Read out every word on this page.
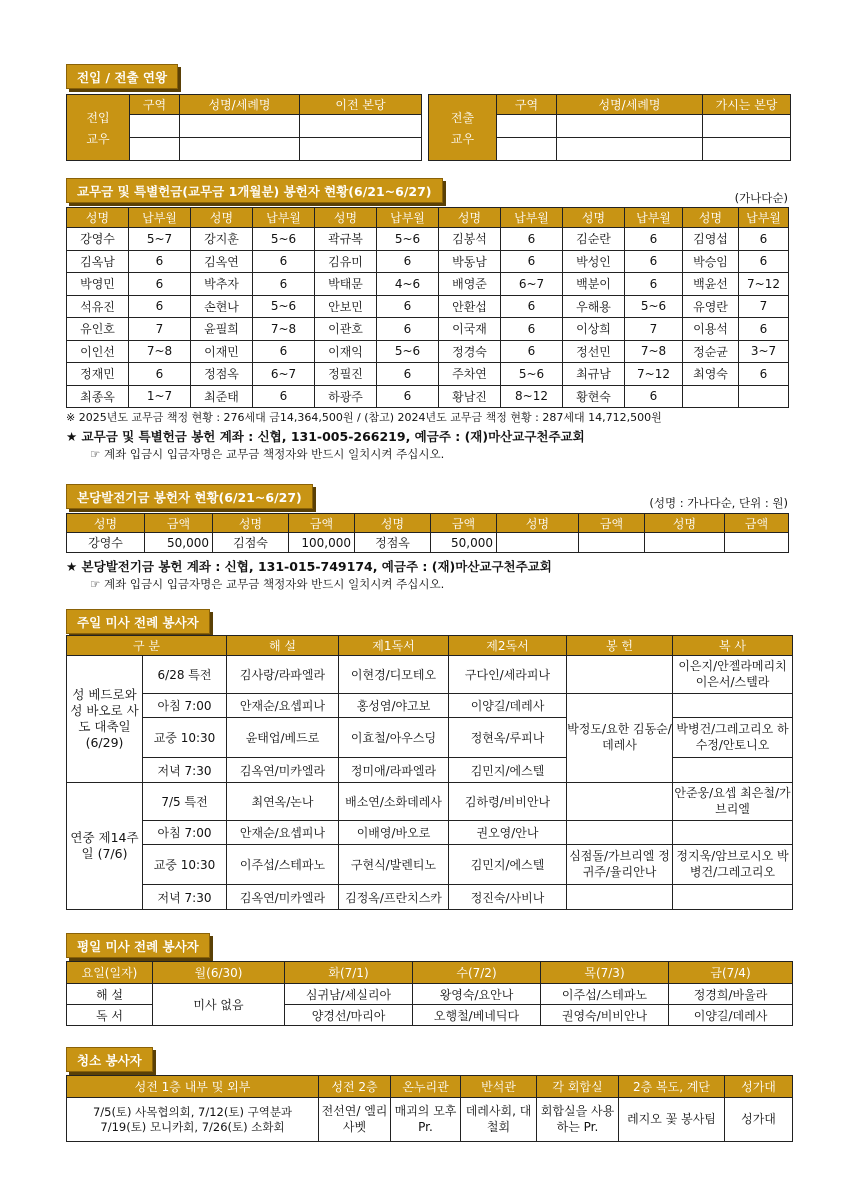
전입 / 전출 연왕
전입
교우	구역	성명/세례명	이전 본당

전출
교우	구역	성명/세례명	가시는 본당

교무금 및 특별헌금(교무금 1개월분) 봉헌자 현황(6/21~6/27)	(가나다순)
성명	납부월	성명	납부월	성명	납부월	성명	납부월	성명	납부월	성명	납부월
강영수	5~7	강지훈	5~6	곽규복	5~6	김봉석	6	김순란	6	김영섭	6
김옥남	6	김옥연	6	김유미	6	박동남	6	박성인	6	박승임	6
박영민	6	박추자	6	박태문	4~6	배영준	6~7	백분이	6	백윤선	7~12
석유진	6	손현나	5~6	안보민	6	안환섭	6	우해용	5~6	유영란	7
유인호	7	윤필희	7~8	이관호	6	이국재	6	이상희	7	이용석	6
이인선	7~8	이재민	6	이재익	5~6	정경숙	6	정선민	7~8	정순균	3~7
정재민	6	정점옥	6~7	정필진	6	주차연	5~6	최규남	7~12	최영숙	6
최종옥	1~7	최준태	6	하광주	6	황남진	8~12	황현숙	6		
※ 2025년도 교무금 책정 현황 : 276세대 금14,364,500원 / (참고) 2024년도 교무금 책정 현황 : 287세대 14,712,500원
★ 교무금 및 특별헌금 봉헌 계좌 : 신협, 131-005-266219, 예금주 : (재)마산교구천주교회
☞ 계좌 입금시 입금자명은 교무금 책정자와 반드시 일치시켜 주십시오.
본당발전기금 봉헌자 현황(6/21~6/27)	(성명 : 가나다순, 단위 : 원)
성명	금액	성명	금액	성명	금액	성명	금액	성명	금액
강영수	50,000	김점숙	100,000	정점옥	50,000				
★ 본당발전기금 봉헌 계좌 : 신협, 131-015-749174, 예금주 : (재)마산교구천주교회
☞ 계좌 입금시 입금자명은 교무금 책정자와 반드시 일치시켜 주십시오.
주일 미사 전례 봉사자
구 분		해 설	제1독서	제2독서	봉 헌	복 사
성 베드로와 성 바오로 사도 대축일 (6/29)	6/28 특전	김사랑/라파엘라	이현경/디모테오	구다인/세라피나		이은지/안젤라메리치 이은서/스텔라
	아침 7:00	안재순/요셉피나	홍성염/야고보	이양길/데레사	박정도/요한 김동순/데레사	
	교중 10:30	윤태업/베드로	이효철/아우스딩	정현옥/루피나		박병건/그레고리오 하수정/안토니오
	저녁 7:30	김옥연/미카엘라	정미애/라파엘라	김민지/에스텔		
연중 제14주일 (7/6)	7/5 특전	최연옥/논나	배소연/소화데레사	김하령/비비안나		안준웅/요셉 최은철/가브리엘
	아침 7:00	안재순/요셉피나	이배영/바오로	권오영/안나		
	교중 10:30	이주섭/스테파노	구현식/발렌티노	김민지/에스텔	심점돌/가브리엘 정귀주/율리안나	정지욱/암브로시오 박병건/그레고리오
	저녁 7:30	김옥연/미카엘라	김정옥/프란치스카	정진숙/사비나		
평일 미사 전례 봉사자
요일(일자)	월(6/30)	화(7/1)	수(7/2)	목(7/3)	금(7/4)
해 설	미사 없음	심귀남/세실리아	왕영숙/요안나	이주섭/스테파노	정경희/바울라
독 서		양경선/마리아	오행철/베네딕다	권영숙/비비안나	이양길/데레사
청소 봉사자
성전 1층 내부 및 외부	성전 2층	온누리관	반석관	각 회합실	2층 복도, 계단	성가대
7/5(토) 사목협의회, 7/12(토) 구역분과 7/19(토) 모니카회, 7/26(토) 소화회	전선연/ 엘리사벳	매괴의 모후 Pr.	데레사회, 대철회	회합실을 사용하는 Pr.	레지오 꽃 봉사팀	성가대
